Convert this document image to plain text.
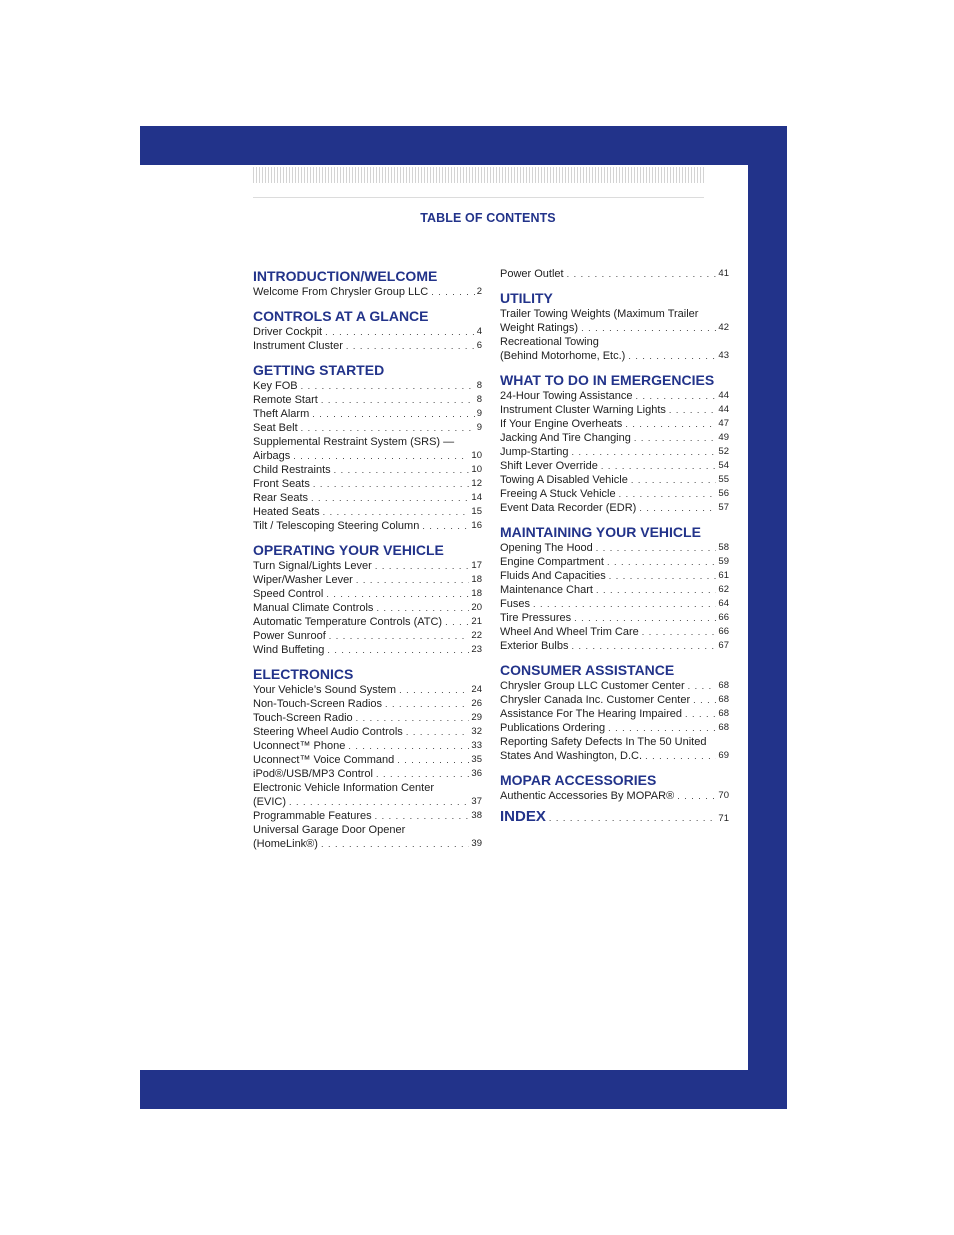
TABLE OF CONTENTS
INTRODUCTION/WELCOME
Welcome From Chrysler Group LLC . . .	2
CONTROLS AT A GLANCE
Driver Cockpit . . .	4
Instrument Cluster . . .	6
GETTING STARTED
Key FOB . . .	8
Remote Start . . .	8
Theft Alarm . . .	9
Seat Belt . . .	9
Supplemental Restraint System (SRS) —
Airbags . . .	10
Child Restraints . . .	10
Front Seats . . .	12
Rear Seats . . .	14
Heated Seats . . .	15
Tilt / Telescoping Steering Column . . .	16
OPERATING YOUR VEHICLE
Turn Signal/Lights Lever . . .	17
Wiper/Washer Lever . . .	18
Speed Control . . .	18
Manual Climate Controls . . .	20
Automatic Temperature Controls (ATC) . . .	21
Power Sunroof . . .	22
Wind Buffeting . . .	23
ELECTRONICS
Your Vehicle’s Sound System . . .	24
Non-Touch-Screen Radios . . .	26
Touch-Screen Radio . . .	29
Steering Wheel Audio Controls . . .	32
Uconnect™ Phone . . .	33
Uconnect™ Voice Command . . .	35
iPod®/USB/MP3 Control . . .	36
Electronic Vehicle Information Center
(EVIC) . . .	37
Programmable Features . . .	38
Universal Garage Door Opener
(HomeLink®) . . .	39
Power Outlet . . .	41
UTILITY
Trailer Towing Weights (Maximum Trailer
Weight Ratings) . . .	42
Recreational Towing
(Behind Motorhome, Etc.) . . .	43
WHAT TO DO IN EMERGENCIES
24-Hour Towing Assistance . . .	44
Instrument Cluster Warning Lights . . .	44
If Your Engine Overheats . . .	47
Jacking And Tire Changing . . .	49
Jump-Starting . . .	52
Shift Lever Override . . .	54
Towing A Disabled Vehicle . . .	55
Freeing A Stuck Vehicle . . .	56
Event Data Recorder (EDR) . . .	57
MAINTAINING YOUR VEHICLE
Opening The Hood . . .	58
Engine Compartment . . .	59
Fluids And Capacities . . .	61
Maintenance Chart . . .	62
Fuses . . .	64
Tire Pressures . . .	66
Wheel And Wheel Trim Care . . .	66
Exterior Bulbs . . .	67
CONSUMER ASSISTANCE
Chrysler Group LLC Customer Center . . .	68
Chrysler Canada Inc. Customer Center . . .	68
Assistance For The Hearing Impaired . . .	68
Publications Ordering . . .	68
Reporting Safety Defects In The 50 United
States And Washington, D.C. . . .	69
MOPAR ACCESSORIES
Authentic Accessories By MOPAR® . . .	70
INDEX . . .	71
